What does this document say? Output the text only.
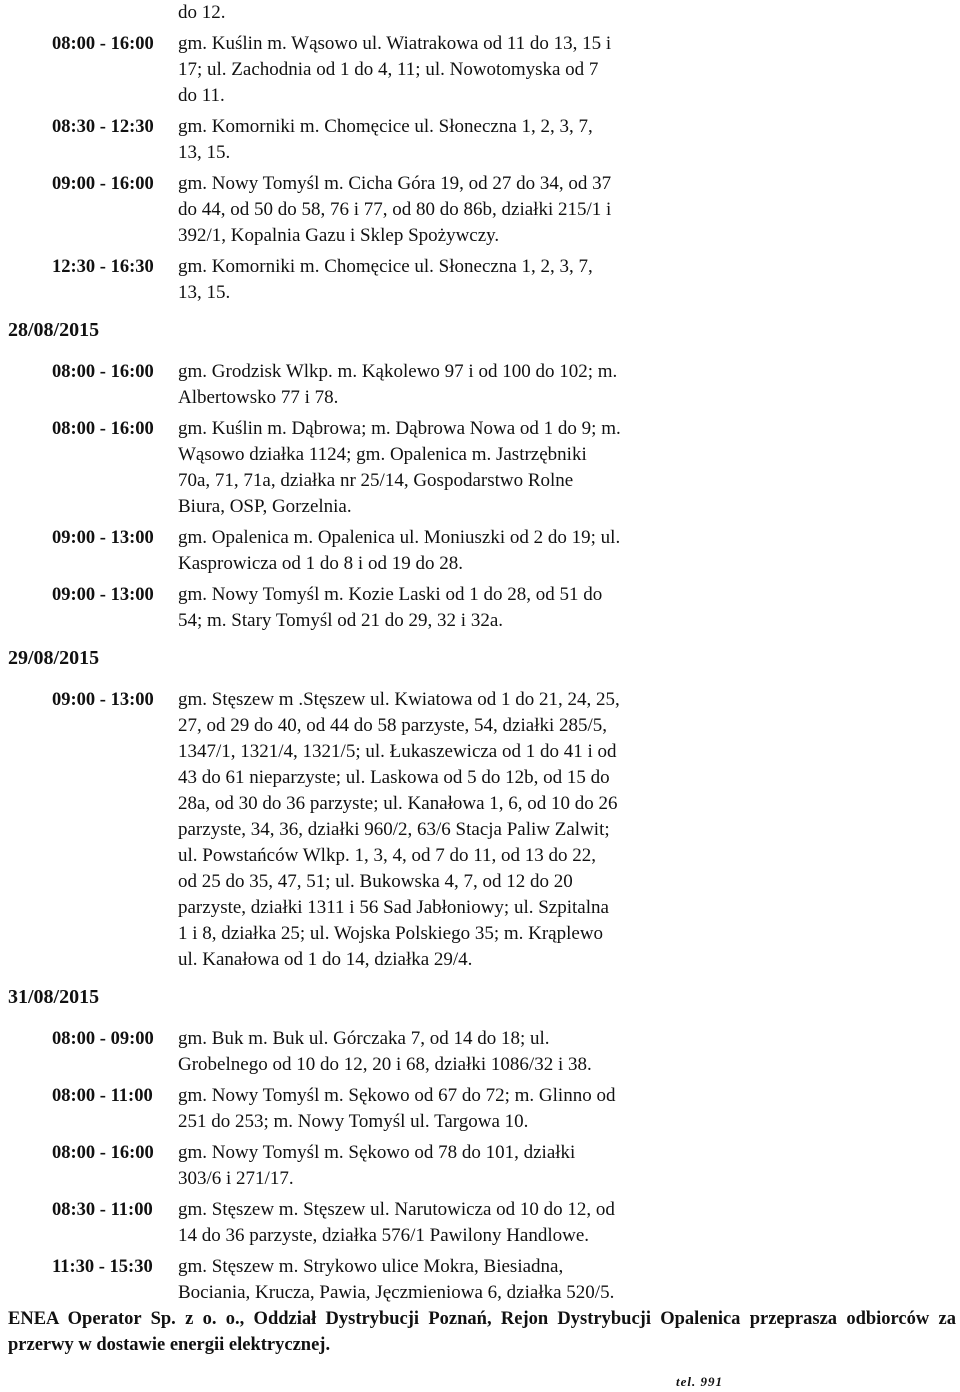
do 12.
08:00 - 16:00	gm. Kuślin m. Wąsowo ul. Wiatrakowa od 11 do 13, 15 i
17; ul. Zachodnia od 1 do 4, 11; ul. Nowotomyska od 7
do 11.
08:30 - 12:30	gm. Komorniki m. Chomęcice ul. Słoneczna 1, 2, 3, 7,
13, 15.
09:00 - 16:00	gm. Nowy Tomyśl m. Cicha Góra 19, od 27 do 34, od 37
do 44, od 50 do 58, 76 i 77, od 80 do 86b, działki 215/1 i
392/1, Kopalnia Gazu i Sklep Spożywczy.
12:30 - 16:30	gm. Komorniki m. Chomęcice ul. Słoneczna 1, 2, 3, 7,
13, 15.
28/08/2015
08:00 - 16:00	gm. Grodzisk Wlkp. m. Kąkolewo 97 i od 100 do 102; m.
Albertowsko 77 i 78.
08:00 - 16:00	gm. Kuślin m. Dąbrowa; m. Dąbrowa Nowa od 1 do 9; m.
Wąsowo działka 1124; gm. Opalenica m. Jastrzębniki
70a, 71, 71a, działka nr 25/14, Gospodarstwo Rolne
Biura, OSP, Gorzelnia.
09:00 - 13:00	gm. Opalenica m. Opalenica ul. Moniuszki od 2 do 19; ul.
Kasprowicza od 1 do 8 i od 19 do 28.
09:00 - 13:00	gm. Nowy Tomyśl m. Kozie Laski od 1 do 28, od 51 do
54; m. Stary Tomyśl od 21 do 29, 32 i 32a.
29/08/2015
09:00 - 13:00	gm. Stęszew m .Stęszew ul. Kwiatowa od 1 do 21, 24, 25,
27, od 29 do 40, od 44 do 58 parzyste, 54, działki 285/5,
1347/1, 1321/4, 1321/5; ul. Łukaszewicza od 1 do 41 i od
43 do 61 nieparzyste; ul. Laskowa od 5 do 12b, od 15 do
28a, od 30 do 36 parzyste; ul. Kanałowa 1, 6, od 10 do 26
parzyste, 34, 36, działki 960/2, 63/6 Stacja Paliw Zalwit;
ul. Powstańców Wlkp. 1, 3, 4, od 7 do 11, od 13 do 22,
od 25 do 35, 47, 51; ul. Bukowska 4, 7, od 12 do 20
parzyste, działki 1311 i 56 Sad Jabłoniowy; ul. Szpitalna
1 i 8, działka 25; ul. Wojska Polskiego 35; m. Krąplewo
ul. Kanałowa od 1 do 14, działka 29/4.
31/08/2015
08:00 - 09:00	gm. Buk m. Buk ul. Górczaka 7, od 14 do 18; ul.
Grobelnego od 10 do 12, 20 i 68, działki 1086/32 i 38.
08:00 - 11:00	gm. Nowy Tomyśl m. Sękowo od 67 do 72; m. Glinno od
251 do 253; m. Nowy Tomyśl ul. Targowa 10.
08:00 - 16:00	gm. Nowy Tomyśl m. Sękowo od 78 do 101, działki
303/6 i 271/17.
08:30 - 11:00	gm. Stęszew m. Stęszew ul. Narutowicza od 10 do 12, od
14 do 36 parzyste, działka 576/1 Pawilony Handlowe.
11:30 - 15:30	gm. Stęszew m. Strykowo ulice Mokra, Biesiadna,
Bociania, Krucza, Pawia, Jęczmieniowa 6, działka 520/5.
ENEA Operator Sp. z o. o., Oddział Dystrybucji Poznań, Rejon Dystrybucji Opalenica przeprasza odbiorców za przerwy w dostawie energii elektrycznej.
tel. 991
